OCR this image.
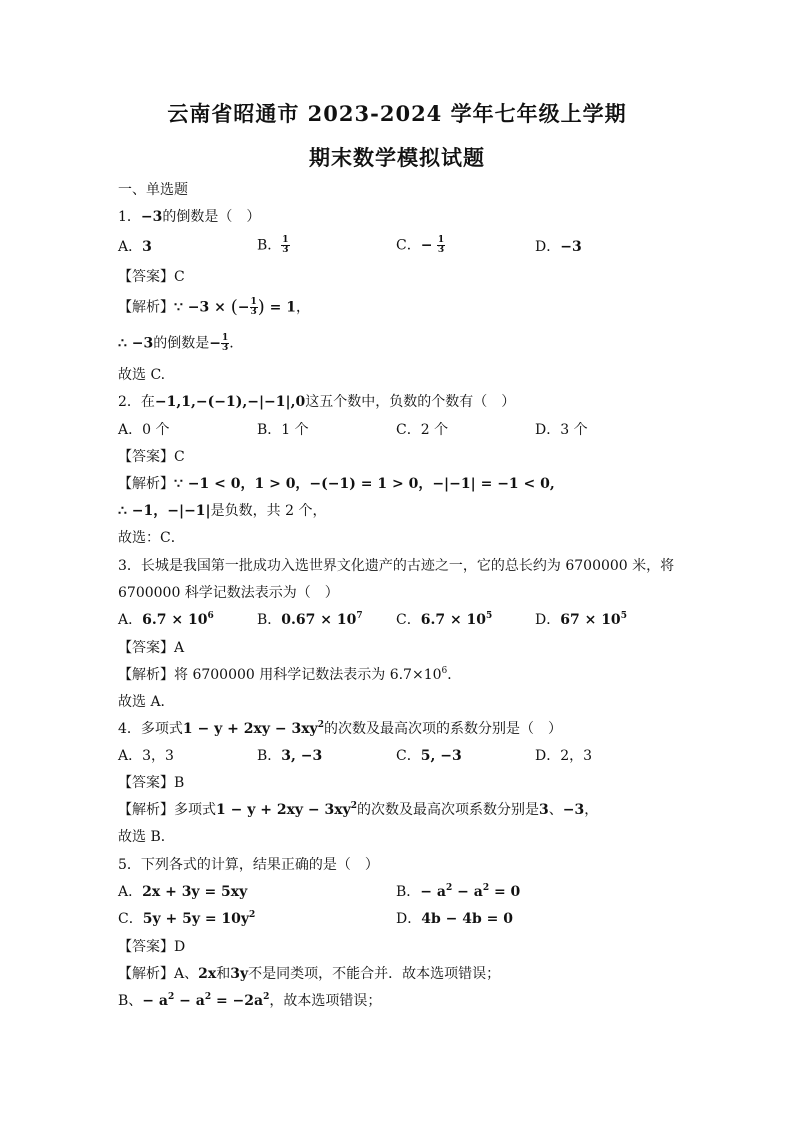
云南省昭通市 2023-2024 学年七年级上学期
期末数学模拟试题
一、单选题
1．−3的倒数是（　）
A．3	B． $\frac{1}{3}$	C．− $\frac{1}{3}$	D．−3
【答案】C
【解析】∵ −3 × (− $\frac{1}{3}$ ) = 1，
∴ −3的倒数是− $\frac{1}{3}$ .
故选 C.
2．在−1,1,−(−1),−|−1|,0这五个数中，负数的个数有（　）
A．0 个	B．1 个	C．2 个	D．3 个
【答案】C
【解析】∵ −1 < 0，1 > 0，−(−1) = 1 > 0，−|−1| = −1 < 0,
∴ −1，−|−1|是负数，共 2 个，
故选：C．
3．长城是我国第一批成功入选世界文化遗产的古迹之一，它的总长约为 6700000 米，将
6700000 科学记数法表示为（　）
A．$6.7 \times 10^6$	B．$0.67 \times 10^7$ C．$6.7 \times 10^5$	D．$67 \times 10^5$
【答案】A
【解析】将 6700000 用科学记数法表示为 $6.7\times 10^6$．
故选 A．
4．多项式$1 - y + 2xy - 3xy^2$的次数及最高次项的系数分别是（　）
A．3，3	B．3, −3	C．5, −3	D．2，3
【答案】B
【解析】多项式$1 - y + 2xy - 3xy^2$的次数及最高次项系数分别是3、−3，
故选 B．
5．下列各式的计算，结果正确的是（　）
A．2x + 3y = 5xy	B．− $a^2 - a^2 = 0$
C．$5y + 5y = 10y^2$	D．4b − 4b = 0
【答案】D
【解析】A、2x和3y不是同类项，不能合并．故本选项错误；
B、− $a^2 - a^2 = -2a^2$，故本选项错误；
